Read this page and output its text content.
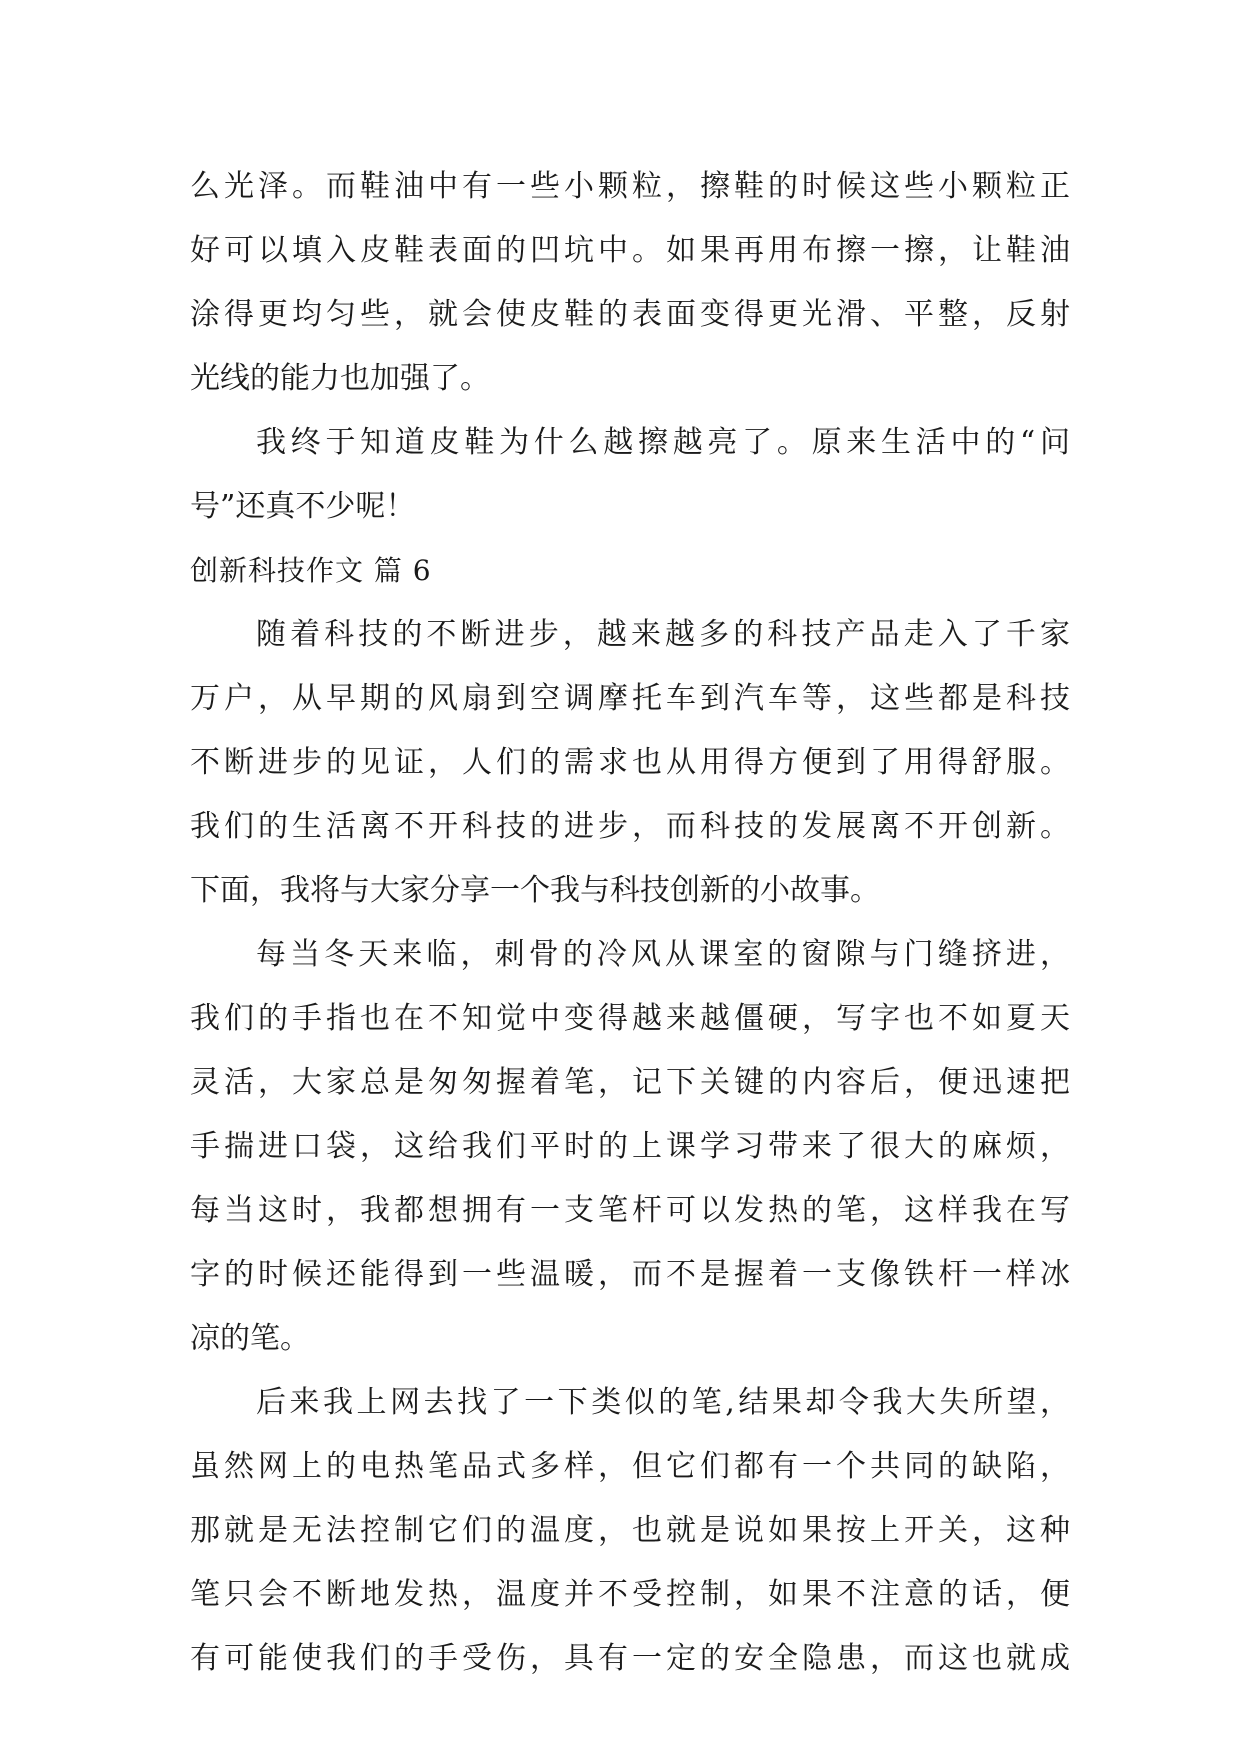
么光泽。而鞋油中有一些小颗粒，擦鞋的时候这些小颗粒正
好可以填入皮鞋表面的凹坑中。如果再用布擦一擦，让鞋油
涂得更均匀些，就会使皮鞋的表面变得更光滑、平整，反射
光线的能力也加强了。
我终于知道皮鞋为什么越擦越亮了。原来生活中的“问
号”还真不少呢！
创新科技作文 篇 6
随着科技的不断进步，越来越多的科技产品走入了千家
万户，从早期的风扇到空调摩托车到汽车等，这些都是科技
不断进步的见证，人们的需求也从用得方便到了用得舒服。
我们的生活离不开科技的进步，而科技的发展离不开创新。
下面，我将与大家分享一个我与科技创新的小故事。
每当冬天来临，刺骨的冷风从课室的窗隙与门缝挤进，
我们的手指也在不知觉中变得越来越僵硬，写字也不如夏天
灵活，大家总是匆匆握着笔，记下关键的内容后，便迅速把
手揣进口袋，这给我们平时的上课学习带来了很大的麻烦，
每当这时，我都想拥有一支笔杆可以发热的笔，这样我在写
字的时候还能得到一些温暖，而不是握着一支像铁杆一样冰
凉的笔。
后来我上网去找了一下类似的笔,结果却令我大失所望，
虽然网上的电热笔品式多样，但它们都有一个共同的缺陷，
那就是无法控制它们的温度，也就是说如果按上开关，这种
笔只会不断地发热，温度并不受控制，如果不注意的话，便
有可能使我们的手受伤，具有一定的安全隐患，而这也就成
